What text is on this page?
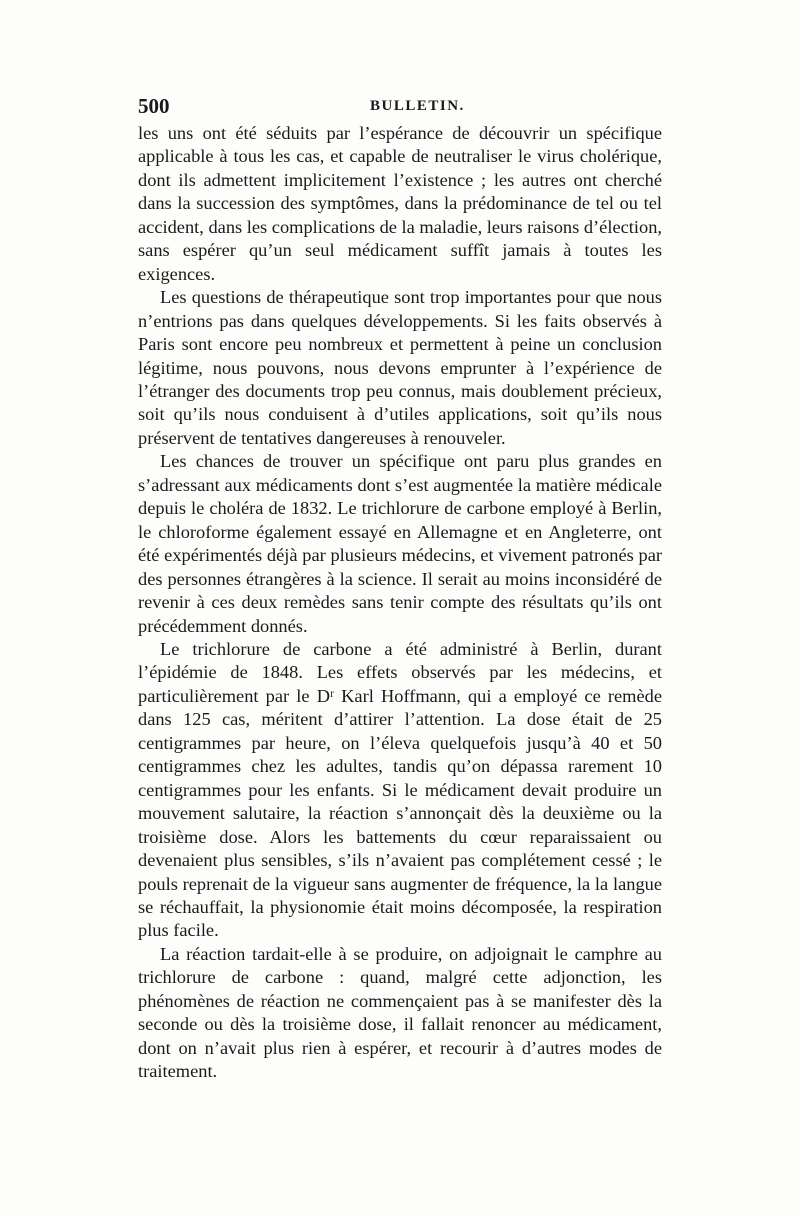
500	BULLETIN.

les uns ont été séduits par l’espérance de découvrir un spécifique applicable à tous les cas, et capable de neutraliser le virus cholérique, dont ils admettent implicitement l’existence ; les autres ont cherché dans la succession des symptômes, dans la prédominance de tel ou tel accident, dans les complications de la maladie, leurs raisons d’élection, sans espérer qu’un seul médicament suffît jamais à toutes les exigences.

Les questions de thérapeutique sont trop importantes pour que nous n’entrions pas dans quelques développements. Si les faits observés à Paris sont encore peu nombreux et permettent à peine un conclusion légitime, nous pouvons, nous devons emprunter à l’expérience de l’étranger des documents trop peu connus, mais doublement précieux, soit qu’ils nous conduisent à d’utiles applications, soit qu’ils nous préservent de tentatives dangereuses à renouveler.

Les chances de trouver un spécifique ont paru plus grandes en s’adressant aux médicaments dont s’est augmentée la matière médicale depuis le choléra de 1832. Le trichlorure de carbone employé à Berlin, le chloroforme également essayé en Allemagne et en Angleterre, ont été expérimentés déjà par plusieurs médecins, et vivement patronés par des personnes étrangères à la science. Il serait au moins inconsidéré de revenir à ces deux remèdes sans tenir compte des résultats qu’ils ont précédemment donnés.

Le trichlorure de carbone a été administré à Berlin, durant l’épidémie de 1848. Les effets observés par les médecins, et particulièrement par le Dʳ Karl Hoffmann, qui a employé ce remède dans 125 cas, méritent d’attirer l’attention. La dose était de 25 centigrammes par heure, on l’éleva quelquefois jusqu’à 40 et 50 centigrammes chez les adultes, tandis qu’on dépassa rarement 10 centigrammes pour les enfants. Si le médicament devait produire un mouvement salutaire, la réaction s’annonçait dès la deuxième ou la troisième dose. Alors les battements du cœur reparaissaient ou devenaient plus sensibles, s’ils n’avaient pas complétement cessé ; le pouls reprenait de la vigueur sans augmenter de fréquence, la la langue se réchauffait, la physionomie était moins décomposée, la respiration plus facile.

La réaction tardait-elle à se produire, on adjoignait le camphre au trichlorure de carbone : quand, malgré cette adjonction, les phénomènes de réaction ne commençaient pas à se manifester dès la seconde ou dès la troisième dose, il fallait renoncer au médicament, dont on n’avait plus rien à espérer, et recourir à d’autres modes de traitement.
